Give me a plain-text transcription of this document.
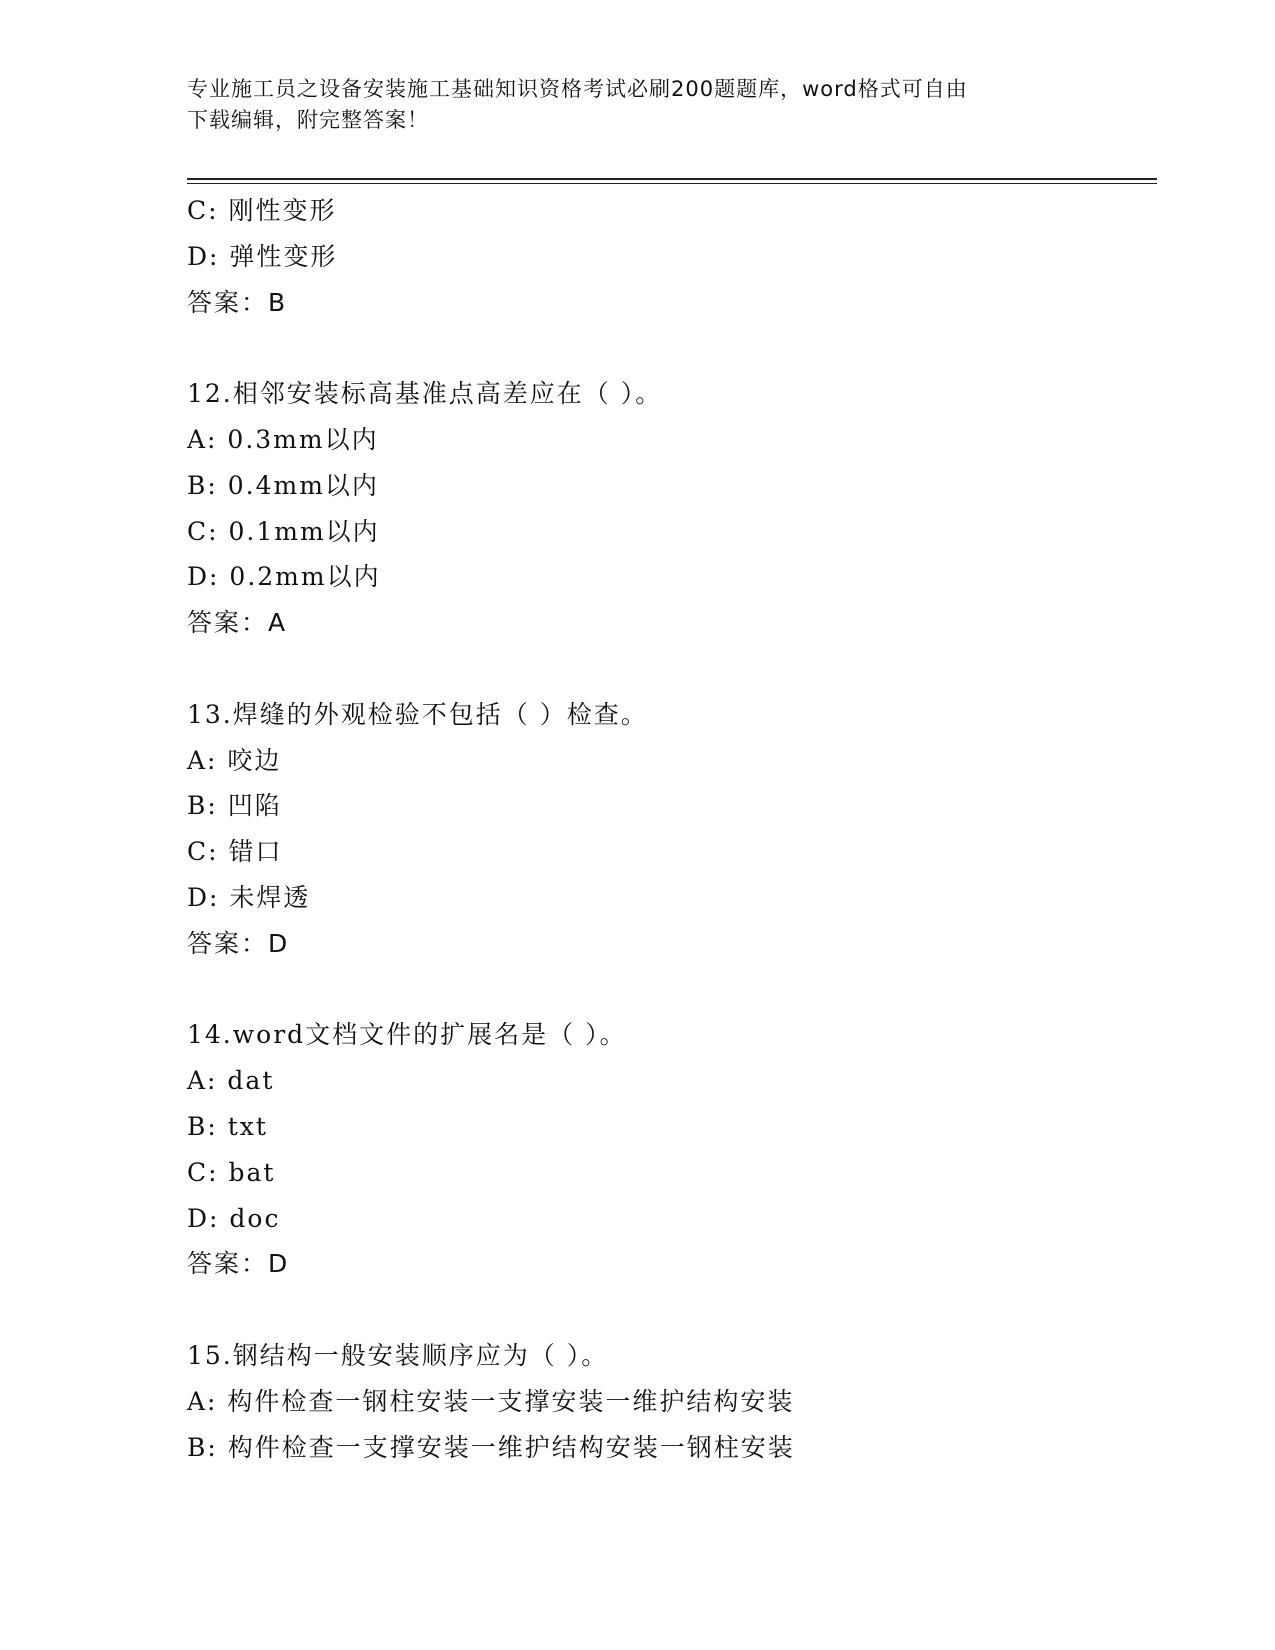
专业施工员之设备安装施工基础知识资格考试必刷200题题库，word格式可自由
下载编辑，附完整答案！
C: 刚性变形
D: 弹性变形
答案：B
12.相邻安装标高基准点高差应在（ ）。
A: 0.3mm以内
B: 0.4mm以内
C: 0.1mm以内
D: 0.2mm以内
答案：A
13.焊缝的外观检验不包括（ ）检查。
A: 咬边
B: 凹陷
C: 错口
D: 未焊透
答案：D
14.word文档文件的扩展名是（ ）。
A: dat
B: txt
C: bat
D: doc
答案：D
15.钢结构一般安装顺序应为（ ）。
A: 构件检查一钢柱安装一支撑安装一维护结构安装
B: 构件检查一支撑安装一维护结构安装一钢柱安装
